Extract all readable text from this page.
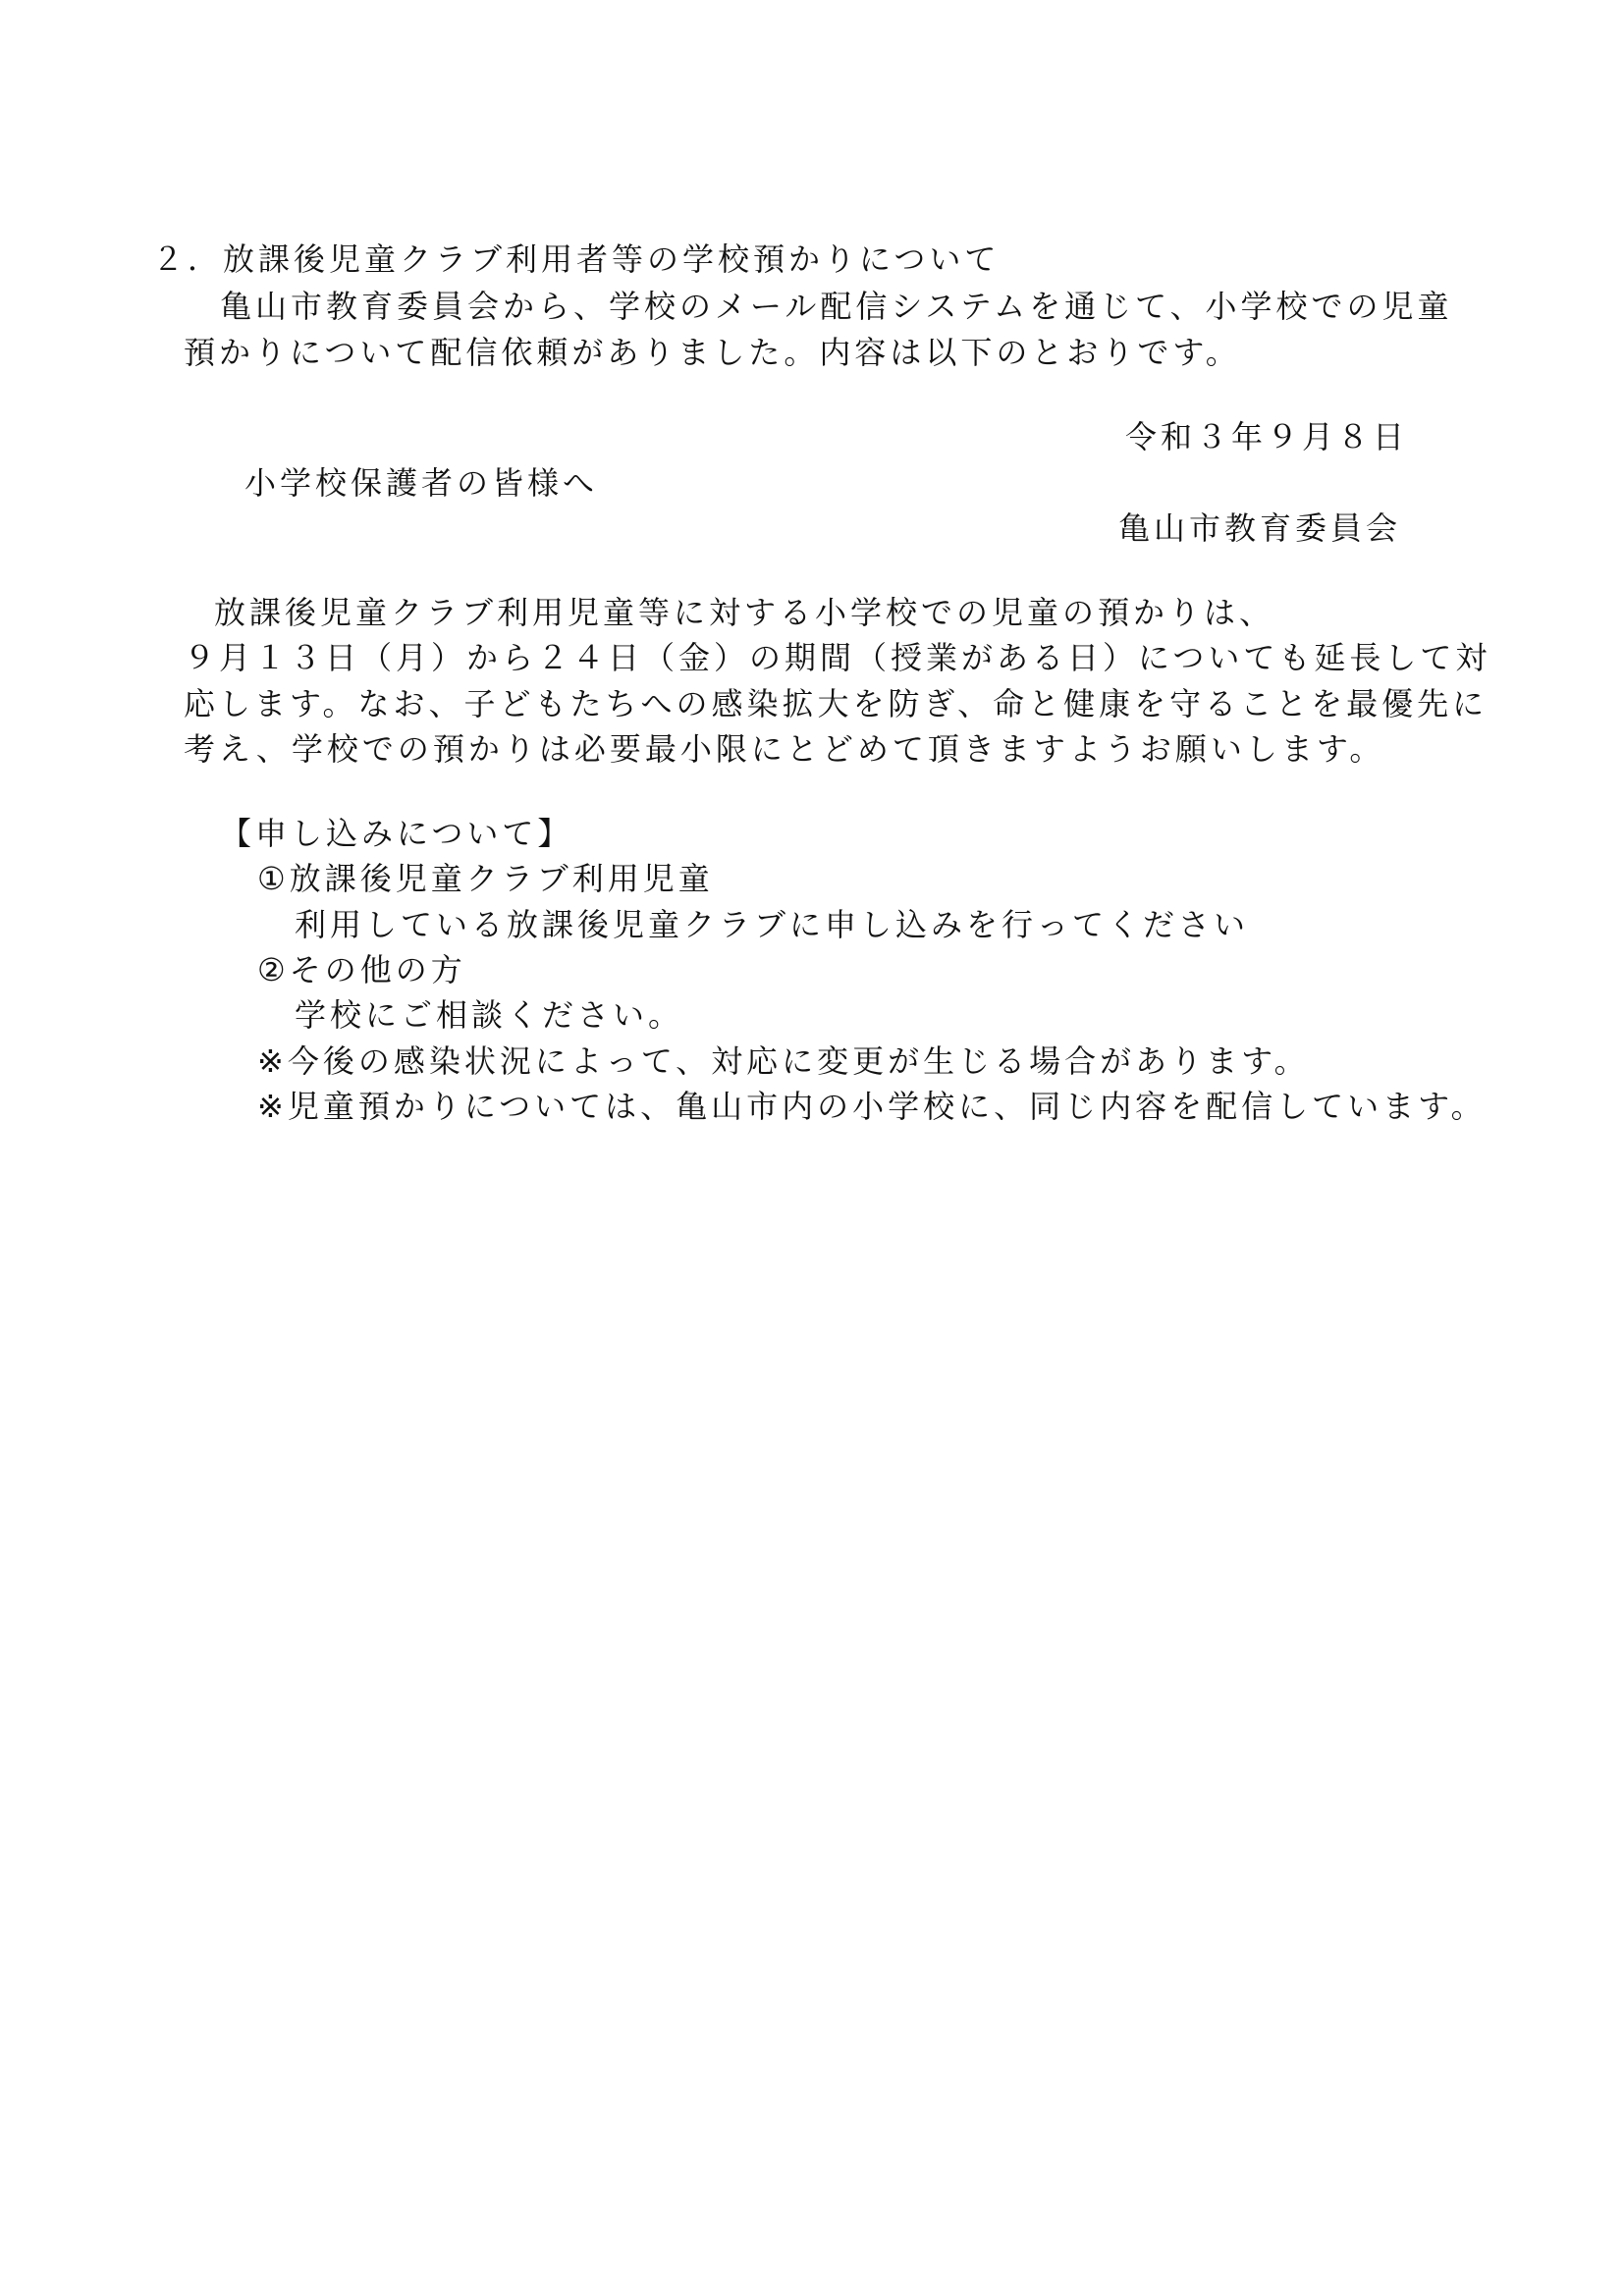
２．放課後児童クラブ利用者等の学校預かりについて
亀山市教育委員会から、学校のメール配信システムを通じて、小学校での児童
預かりについて配信依頼がありました。内容は以下のとおりです。
令和３年９月８日
小学校保護者の皆様へ
亀山市教育委員会
放課後児童クラブ利用児童等に対する小学校での児童の預かりは、
９月１３日（月）から２４日（金）の期間（授業がある日）についても延長して対
応します。なお、子どもたちへの感染拡大を防ぎ、命と健康を守ることを最優先に
考え、学校での預かりは必要最小限にとどめて頂きますようお願いします。
【申し込みについて】
①放課後児童クラブ利用児童
利用している放課後児童クラブに申し込みを行ってください
②その他の方
学校にご相談ください。
※今後の感染状況によって、対応に変更が生じる場合があります。
※児童預かりについては、亀山市内の小学校に、同じ内容を配信しています。
